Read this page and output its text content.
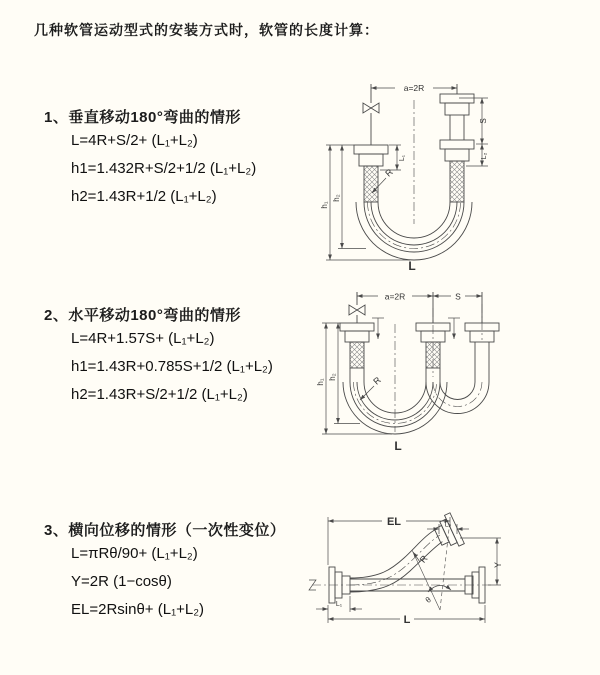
几种软管运动型式的安装方式时，软管的长度计算：
1、垂直移动180°弯曲的情形
L=4R+S/2+ (L₁+L₂)
h1=1.432R+S/2+1/2 (L₁+L₂)
h2=1.43R+1/2 (L₁+L₂)
2、水平移动180°弯曲的情形
L=4R+1.57S+ (L₁+L₂)
h1=1.43R+0.785S+1/2 (L₁+L₂)
h2=1.43R+S/2+1/2 (L₁+L₂)
3、横向位移的情形（一次性变位）
L=πRθ/90+ (L₁+L₂)
Y=2R (1−cosθ)
EL=2Rsinθ+ (L₁+L₂)
a=2R
L₁
S
L₂
h₁
h₂
R
L
a=2R	S
h₁
h₂	R
L
EL	L₂
Y
R
θ
L
L₁
